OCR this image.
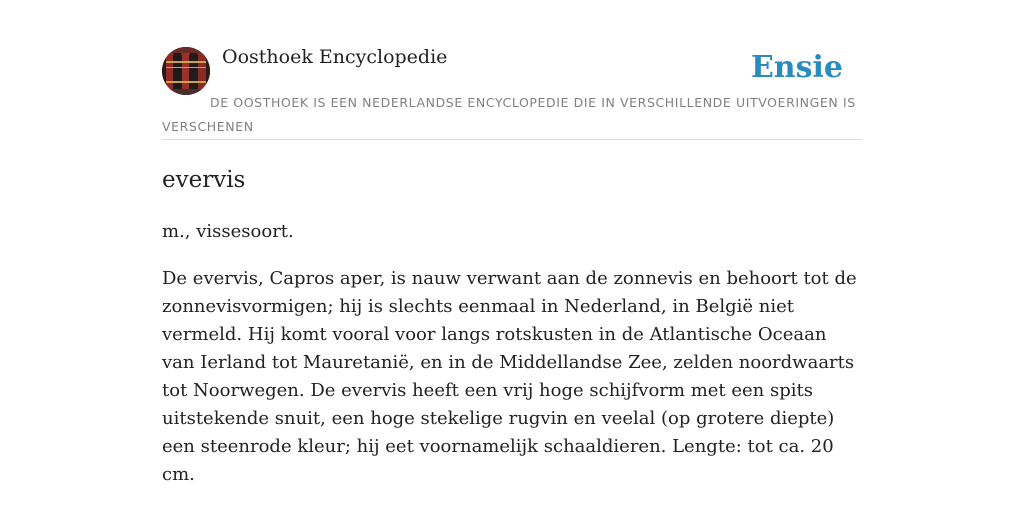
Oosthoek Encyclopedie	Ensie
DE OOSTHOEK IS EEN NEDERLANDSE ENCYCLOPEDIE DIE IN VERSCHILLENDE UITVOERINGEN IS VERSCHENEN
evervis

m., vissesoort.

De evervis, Capros aper, is nauw verwant aan de zonnevis en behoort tot de zonnevisvormigen; hij is slechts eenmaal in Nederland, in België niet vermeld. Hij komt vooral voor langs rotskusten in de Atlantische Oceaan van Ierland tot Mauretanië, en in de Middellandse Zee, zelden noordwaarts tot Noorwegen. De evervis heeft een vrij hoge schijfvorm met een spits uitstekende snuit, een hoge stekelige rugvin en veelal (op grotere diepte) een steenrode kleur; hij eet voornamelijk schaaldieren. Lengte: tot ca. 20 cm.
